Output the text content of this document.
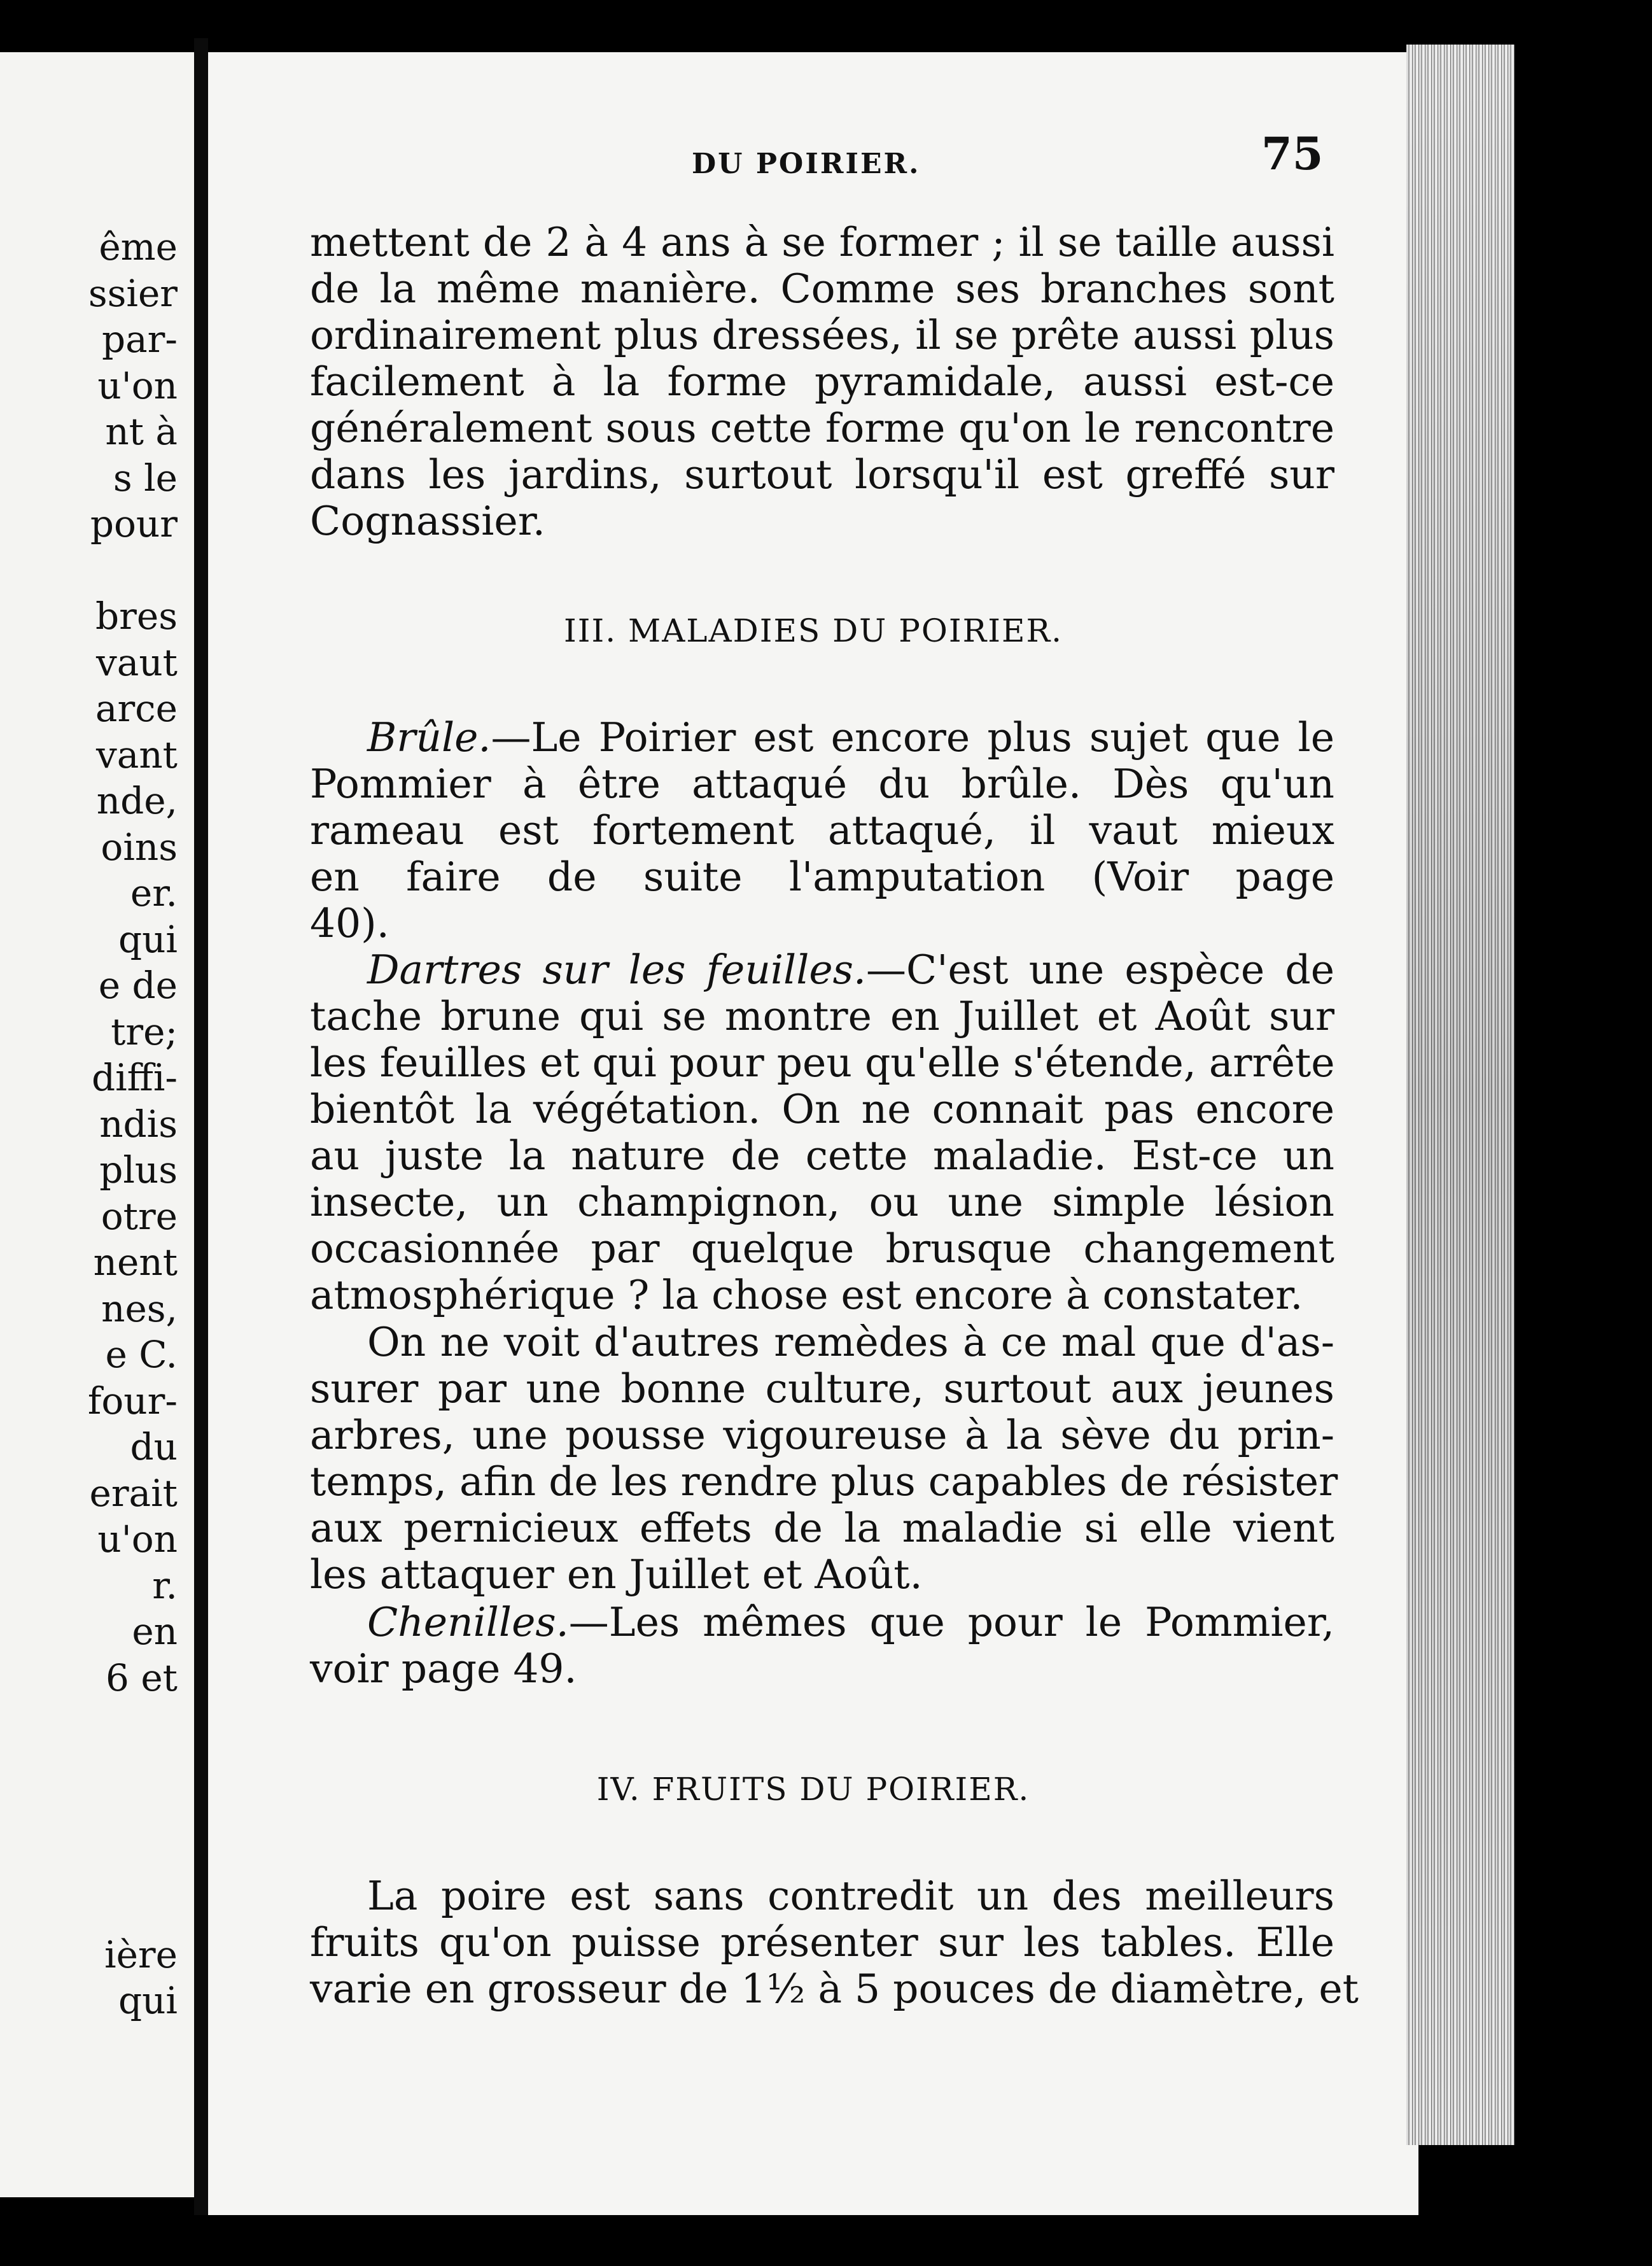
ême
ssier
par-
u'on
nt à
s le
pour
bres
vaut
arce
vant
nde,
oins
er.
qui
e de
tre;
diffi-
ndis
plus
otre
nent
nes,
e C.
four-
du
erait
u'on
r.
en
6 et
ière
qui
DU POIRIER.	75
mettent de 2 à 4 ans à se former ; il se taille aussi
de la même manière. Comme ses branches sont
ordinairement plus dressées, il se prête aussi plus
facilement à la forme pyramidale, aussi est-ce
généralement sous cette forme qu'on le rencontre
dans les jardins, surtout lorsqu'il est greffé sur
Cognassier.
III. MALADIES DU POIRIER.
Brûle.—Le Poirier est encore plus sujet que le
Pommier à être attaqué du brûle. Dès qu'un
rameau est fortement attaqué, il vaut mieux
en faire de suite l'amputation (Voir page
40).
Dartres sur les feuilles.—C'est une espèce de
tache brune qui se montre en Juillet et Août sur
les feuilles et qui pour peu qu'elle s'étende, arrête
bientôt la végétation. On ne connait pas encore
au juste la nature de cette maladie. Est-ce un
insecte, un champignon, ou une simple lésion
occasionnée par quelque brusque changement
atmosphérique ? la chose est encore à constater.
On ne voit d'autres remèdes à ce mal que d'as-
surer par une bonne culture, surtout aux jeunes
arbres, une pousse vigoureuse à la sève du prin-
temps, afin de les rendre plus capables de résister
aux pernicieux effets de la maladie si elle vient
les attaquer en Juillet et Août.
Chenilles.—Les mêmes que pour le Pommier,
voir page 49.
IV. FRUITS DU POIRIER.
La poire est sans contredit un des meilleurs
fruits qu'on puisse présenter sur les tables. Elle
varie en grosseur de 1½ à 5 pouces de diamètre, et
